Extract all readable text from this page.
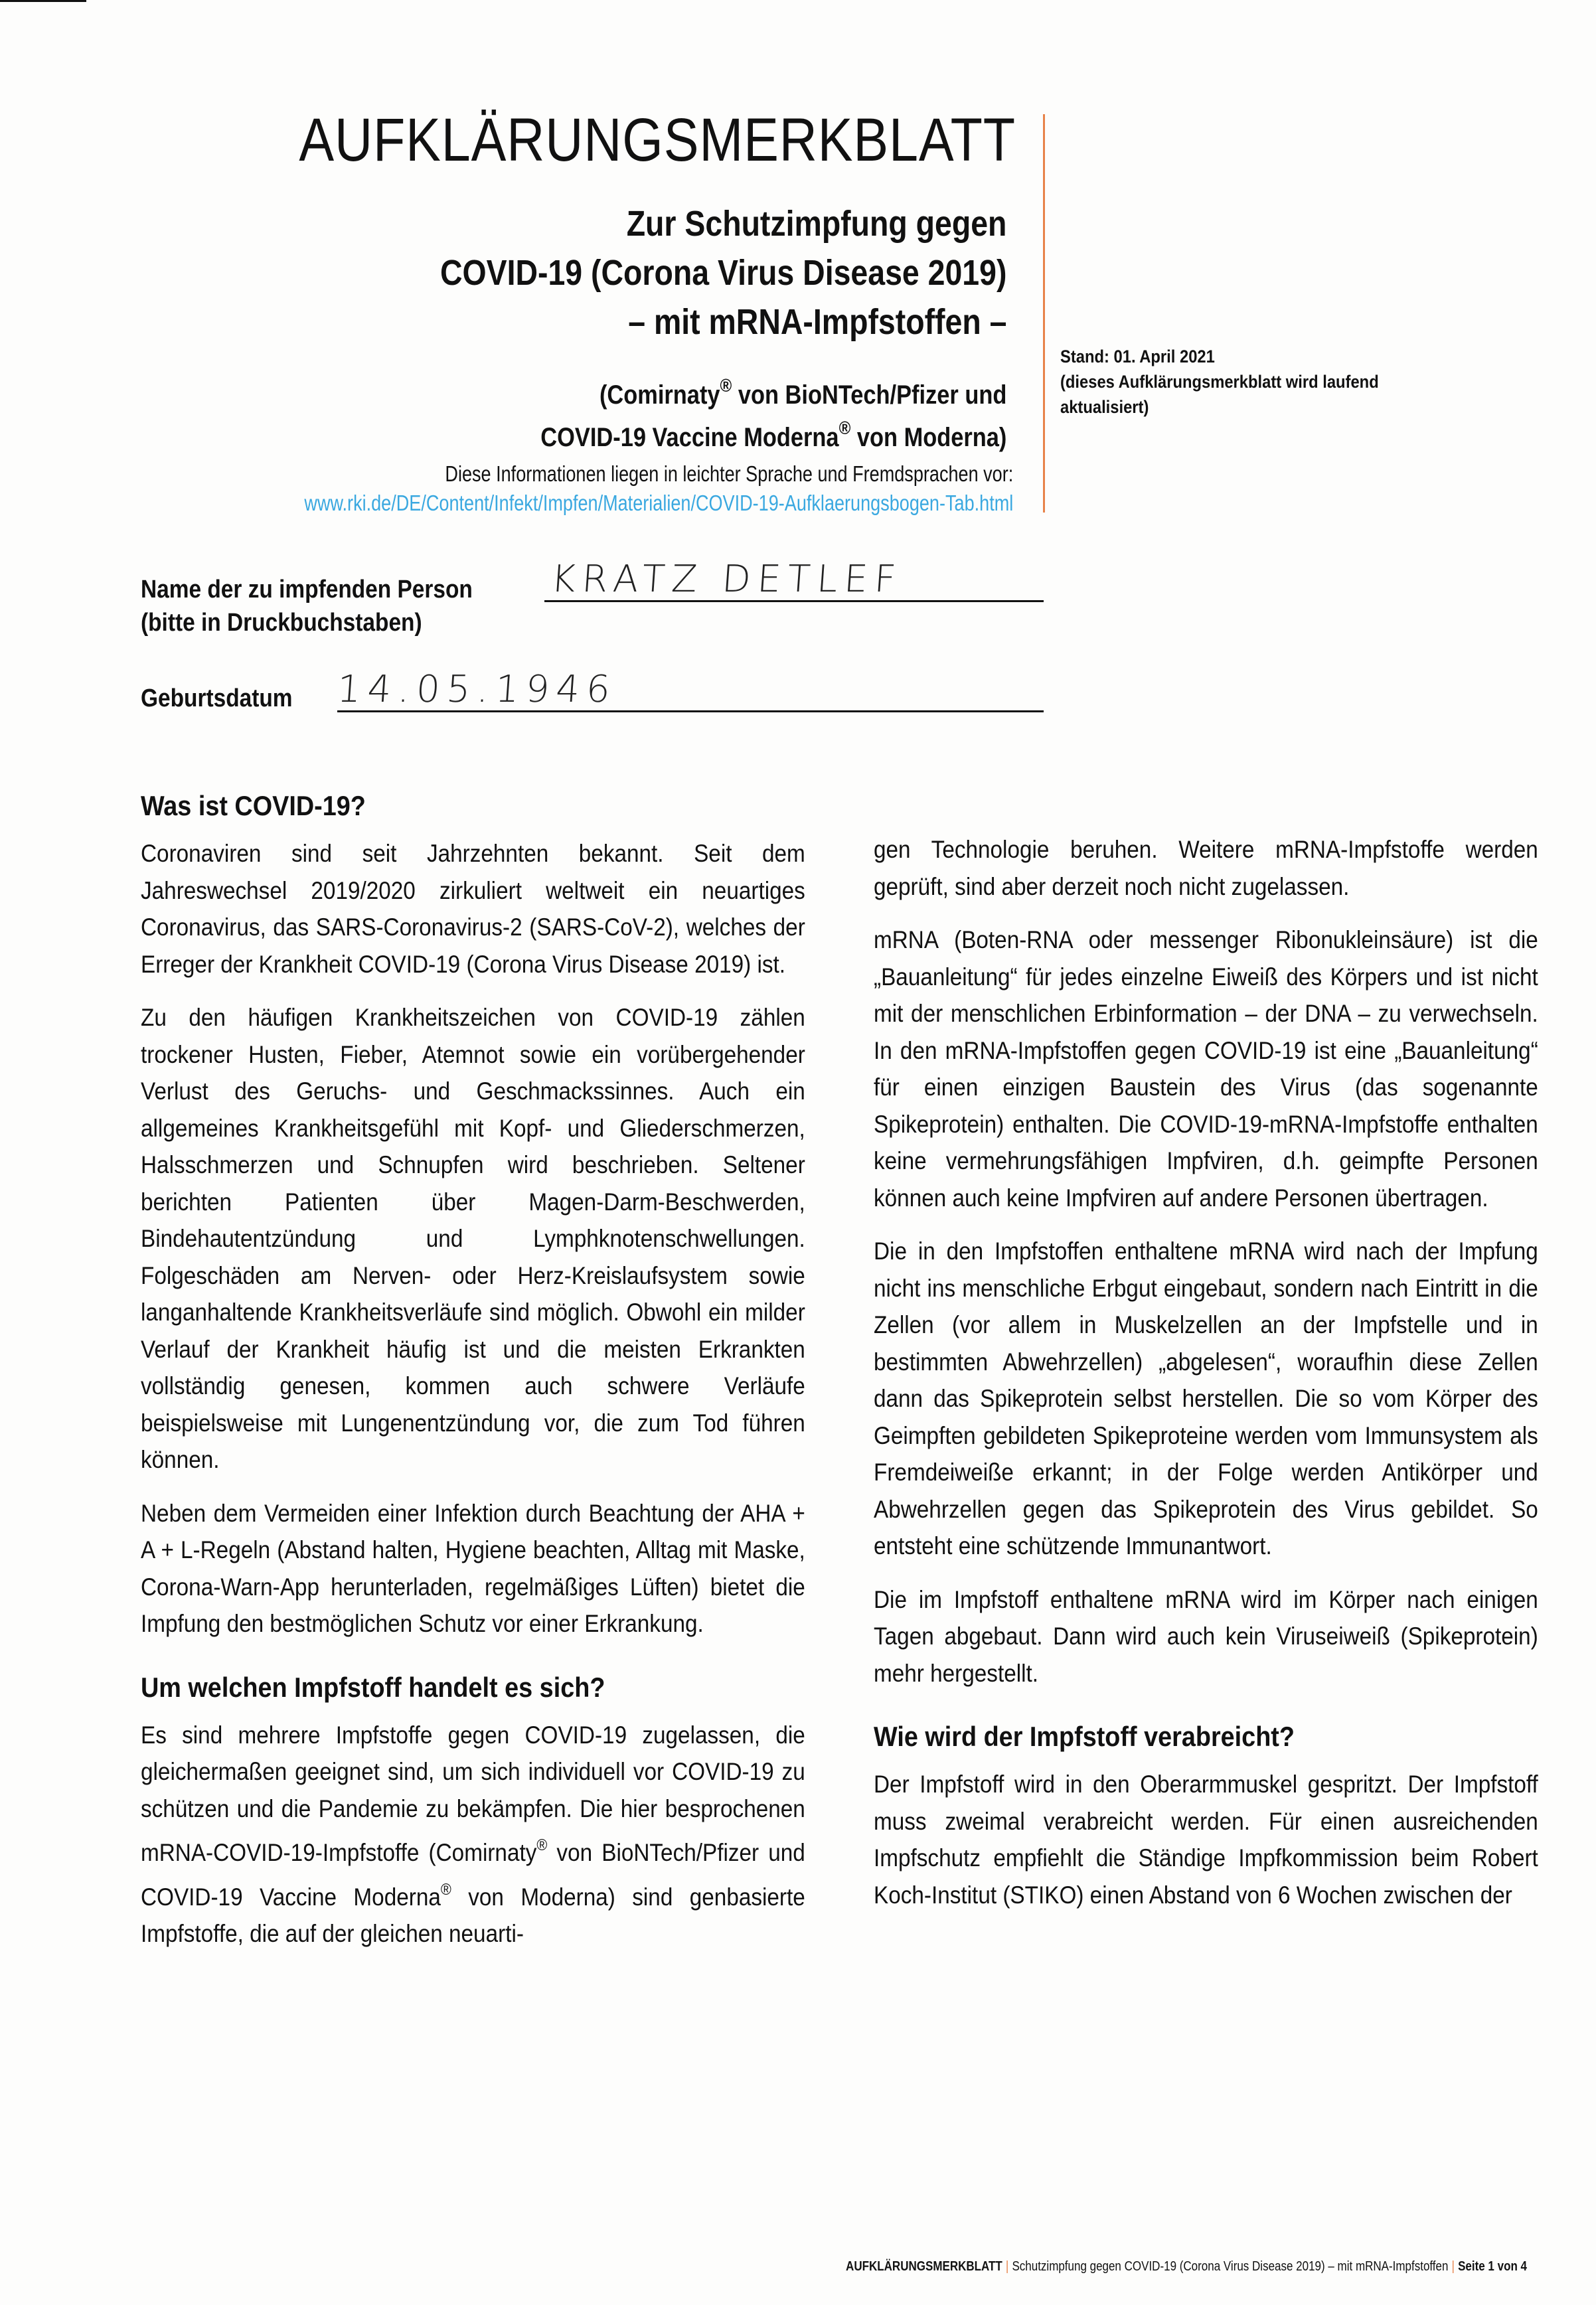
AUFKLÄRUNGSMERKBLATT
Zur Schutzimpfung gegen
COVID-19 (Corona Virus Disease 2019)
– mit mRNA-Impfstoffen –
(Comirnaty® von BioNTech/Pfizer und
COVID-19 Vaccine Moderna® von Moderna)
Diese Informationen liegen in leichter Sprache und Fremdsprachen vor:
www.rki.de/DE/Content/Infekt/Impfen/Materialien/COVID-19-Aufklaerungsbogen-Tab.html
Stand: 01. April 2021
(dieses Aufklärungsmerkblatt wird laufend
aktualisiert)
Name der zu impfenden Person
(bitte in Druckbuchstaben)
KRATZ DETLEF
Geburtsdatum 14.05.1946
Was ist COVID-19?

Coronaviren sind seit Jahrzehnten bekannt. Seit dem Jahreswechsel 2019/2020 zirkuliert weltweit ein neuartiges Coronavirus, das SARS-Coronavirus-2 (SARS-CoV-2), welches der Erreger der Krankheit COVID-19 (Corona Virus Disease 2019) ist.

Zu den häufigen Krankheitszeichen von COVID-19 zählen trockener Husten, Fieber, Atemnot sowie ein vorübergehender Verlust des Geruchs- und Geschmackssinnes. Auch ein allgemeines Krankheitsgefühl mit Kopf- und Gliederschmerzen, Halsschmerzen und Schnupfen wird beschrieben. Seltener berichten Patienten über Magen-Darm-Beschwerden, Bindehautentzündung und Lymphknotenschwellungen. Folgeschäden am Nerven- oder Herz-Kreislaufsystem sowie langanhaltende Krankheitsverläufe sind möglich. Obwohl ein milder Verlauf der Krankheit häufig ist und die meisten Erkrankten vollständig genesen, kommen auch schwere Verläufe beispielsweise mit Lungenentzündung vor, die zum Tod führen können.

Neben dem Vermeiden einer Infektion durch Beachtung der AHA + A + L-Regeln (Abstand halten, Hygiene beachten, Alltag mit Maske, Corona-Warn-App herunterladen, regelmäßiges Lüften) bietet die Impfung den bestmöglichen Schutz vor einer Erkrankung.

Um welchen Impfstoff handelt es sich?

Es sind mehrere Impfstoffe gegen COVID-19 zugelassen, die gleichermaßen geeignet sind, um sich individuell vor COVID-19 zu schützen und die Pandemie zu bekämpfen. Die hier besprochenen mRNA-COVID-19-Impfstoffe (Comirnaty® von BioNTech/Pfizer und COVID-19 Vaccine Moderna® von Moderna) sind genbasierte Impfstoffe, die auf der gleichen neuarti-

gen Technologie beruhen. Weitere mRNA-Impfstoffe werden geprüft, sind aber derzeit noch nicht zugelassen.

mRNA (Boten-RNA oder messenger Ribonukleinsäure) ist die „Bauanleitung“ für jedes einzelne Eiweiß des Körpers und ist nicht mit der menschlichen Erbinformation – der DNA – zu verwechseln. In den mRNA-Impfstoffen gegen COVID-19 ist eine „Bauanleitung“ für einen einzigen Baustein des Virus (das sogenannte Spikeprotein) enthalten. Die COVID-19-mRNA-Impfstoffe enthalten keine vermehrungsfähigen Impfviren, d.h. geimpfte Personen können auch keine Impfviren auf andere Personen übertragen.

Die in den Impfstoffen enthaltene mRNA wird nach der Impfung nicht ins menschliche Erbgut eingebaut, sondern nach Eintritt in die Zellen (vor allem in Muskelzellen an der Impfstelle und in bestimmten Abwehrzellen) „abgelesen“, woraufhin diese Zellen dann das Spikeprotein selbst herstellen. Die so vom Körper des Geimpften gebildeten Spikeproteine werden vom Immunsystem als Fremdeiweiße erkannt; in der Folge werden Antikörper und Abwehrzellen gegen das Spikeprotein des Virus gebildet. So entsteht eine schützende Immunantwort.

Die im Impfstoff enthaltene mRNA wird im Körper nach einigen Tagen abgebaut. Dann wird auch kein Viruseiweiß (Spikeprotein) mehr hergestellt.

Wie wird der Impfstoff verabreicht?

Der Impfstoff wird in den Oberarmmuskel gespritzt. Der Impfstoff muss zweimal verabreicht werden. Für einen ausreichenden Impfschutz empfiehlt die Ständige Impfkommission beim Robert Koch-Institut (STIKO) einen Abstand von 6 Wochen zwischen der

AUFKLÄRUNGSMERKBLATT | Schutzimpfung gegen COVID-19 (Corona Virus Disease 2019) – mit mRNA-Impfstoffen | Seite 1 von 4
